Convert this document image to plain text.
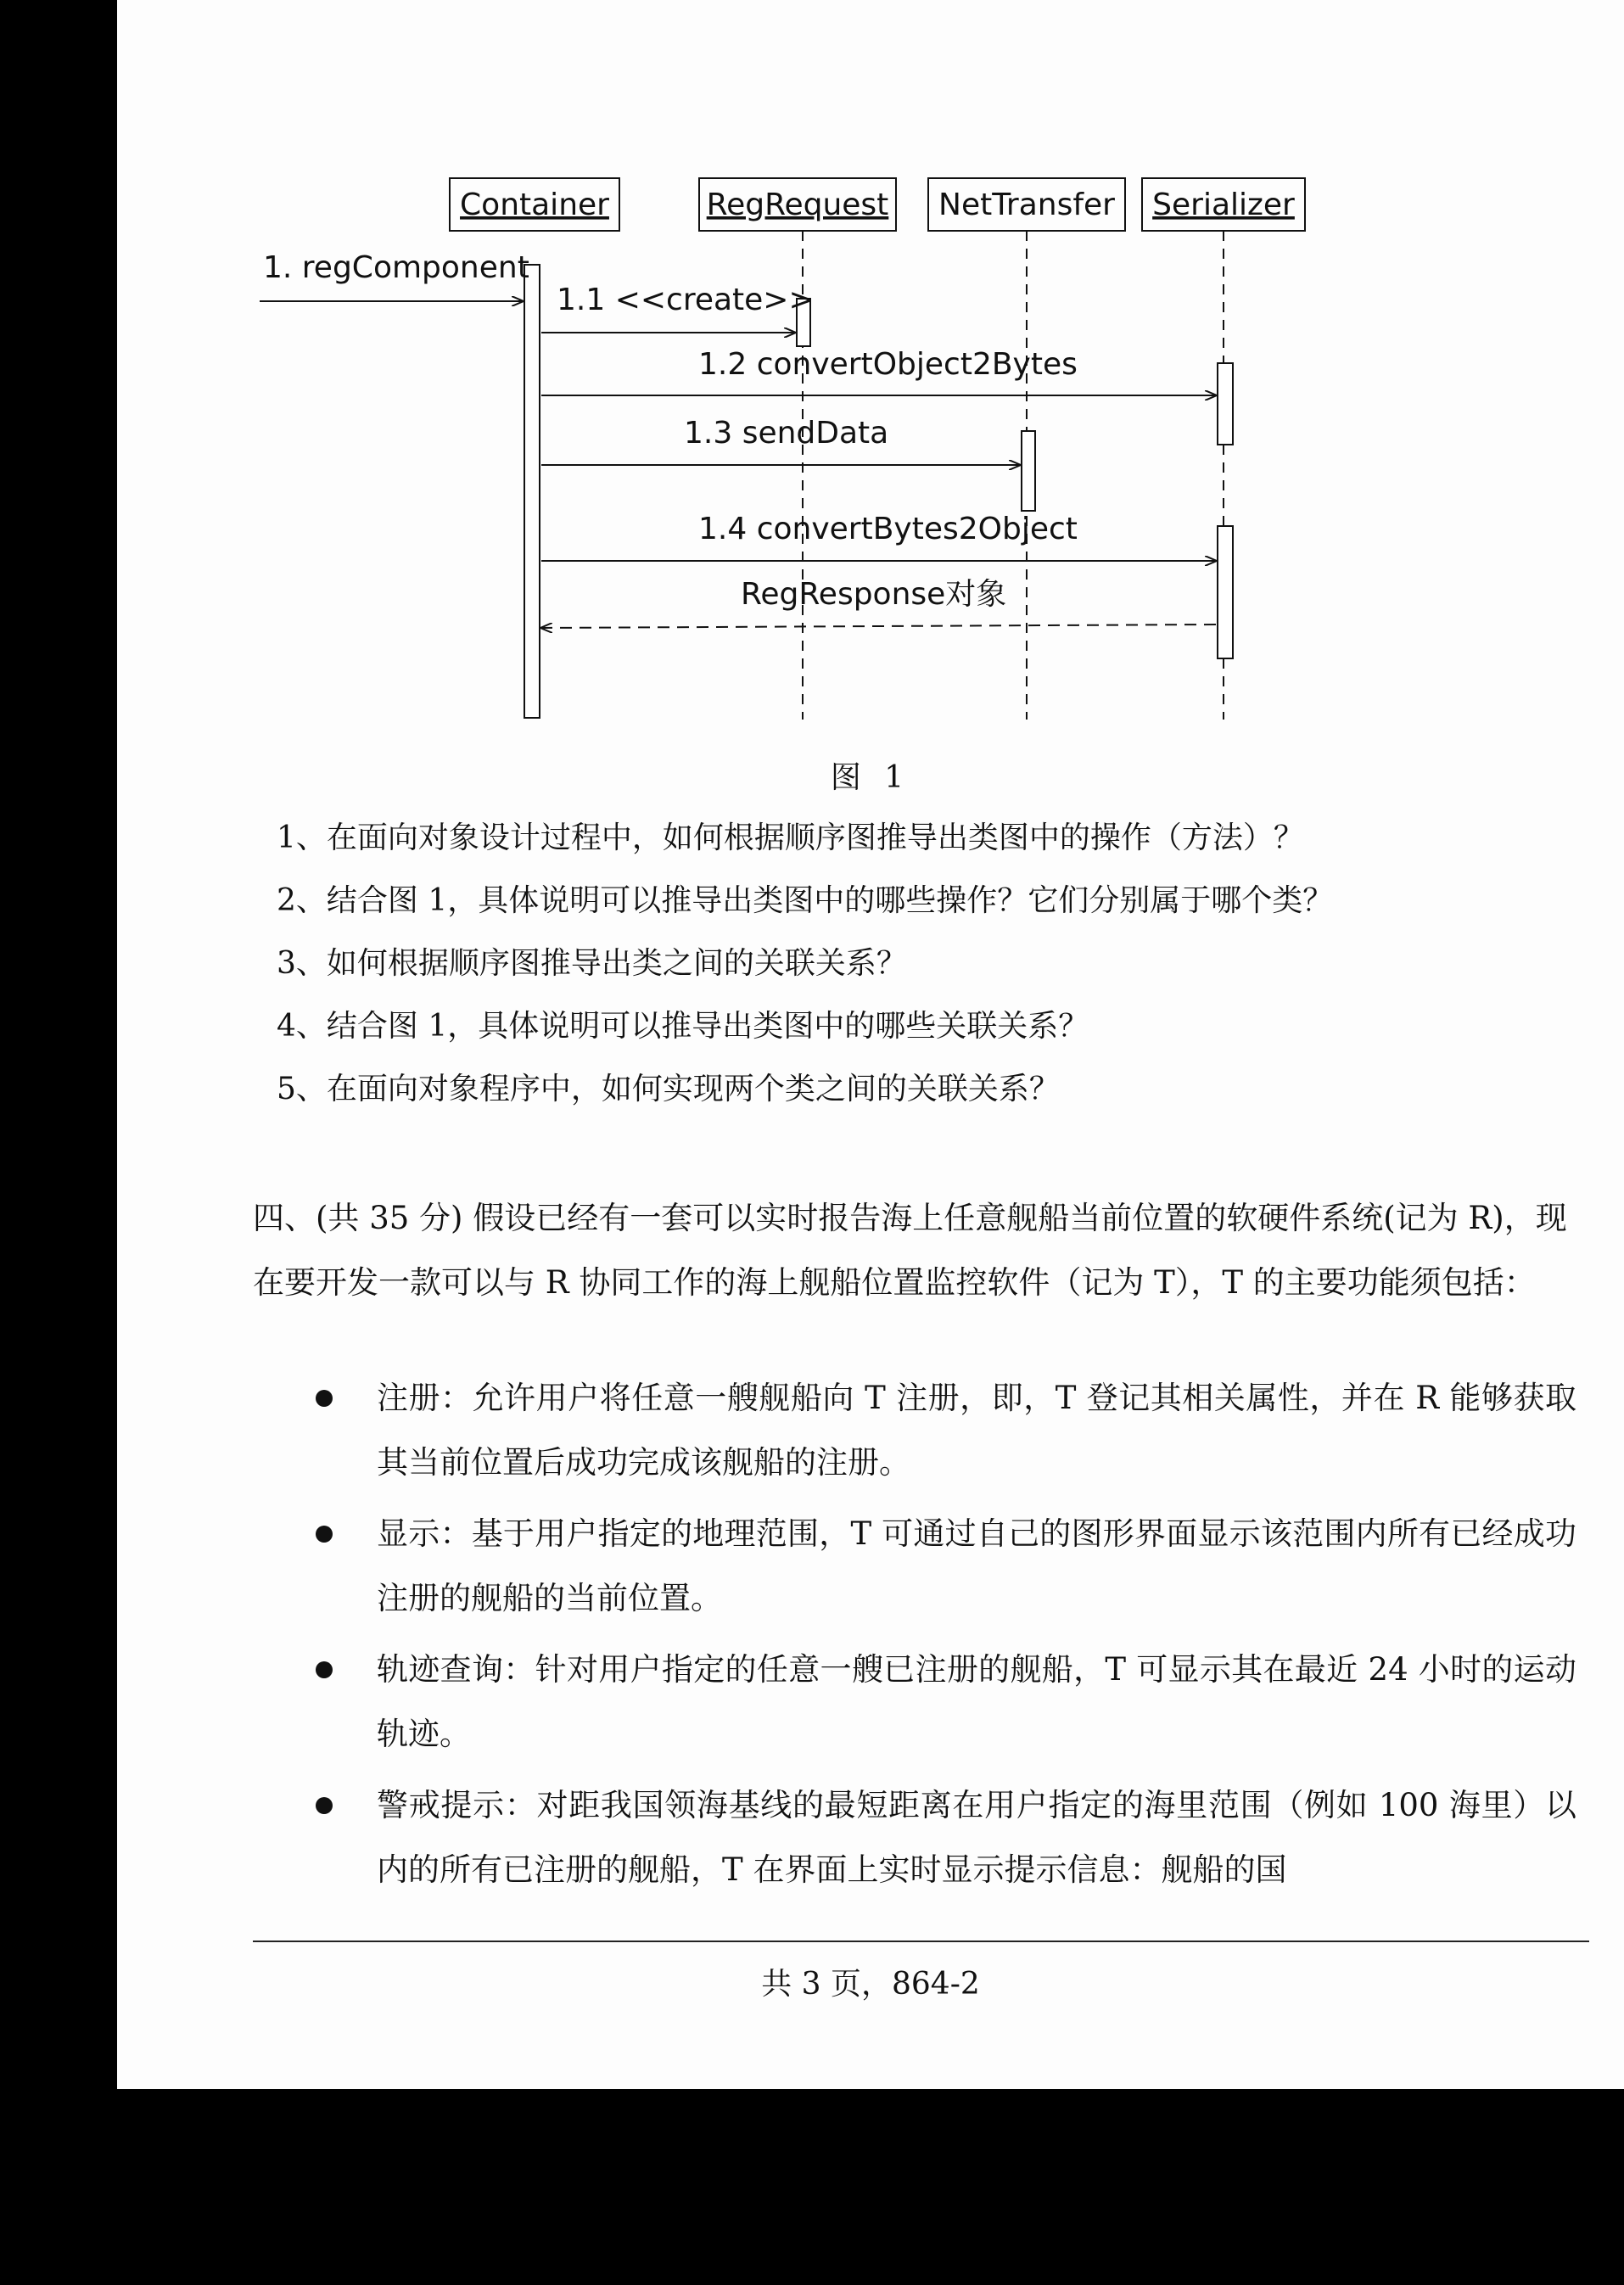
Container	RegRequest NetTransfer Serializer
1. regComponent
1.1 <<create>>
1.2 convertObject2Bytes
1.3 sendData
1.4 convertBytes2Object
RegResponse对象
图 1
1、在面向对象设计过程中，如何根据顺序图推导出类图中的操作（方法）？
2、结合图 1，具体说明可以推导出类图中的哪些操作？它们分别属于哪个类？
3、如何根据顺序图推导出类之间的关联关系？
4、结合图 1，具体说明可以推导出类图中的哪些关联关系？
5、在面向对象程序中，如何实现两个类之间的关联关系？
四、(共 35 分) 假设已经有一套可以实时报告海上任意舰船当前位置的软硬件系统(记为 R)，现在要开发一款可以与 R 协同工作的海上舰船位置监控软件（记为 T），T 的主要功能须包括：
注册：允许用户将任意一艘舰船向 T 注册，即，T 登记其相关属性，并在 R 能够获取其当前位置后成功完成该舰船的注册。
显示：基于用户指定的地理范围，T 可通过自己的图形界面显示该范围内所有已经成功注册的舰船的当前位置。
轨迹查询：针对用户指定的任意一艘已注册的舰船，T 可显示其在最近 24 小时的运动轨迹。
警戒提示：对距我国领海基线的最短距离在用户指定的海里范围（例如 100 海里）以内的所有已注册的舰船，T 在界面上实时显示提示信息：舰船的国
共 3 页，864-2
